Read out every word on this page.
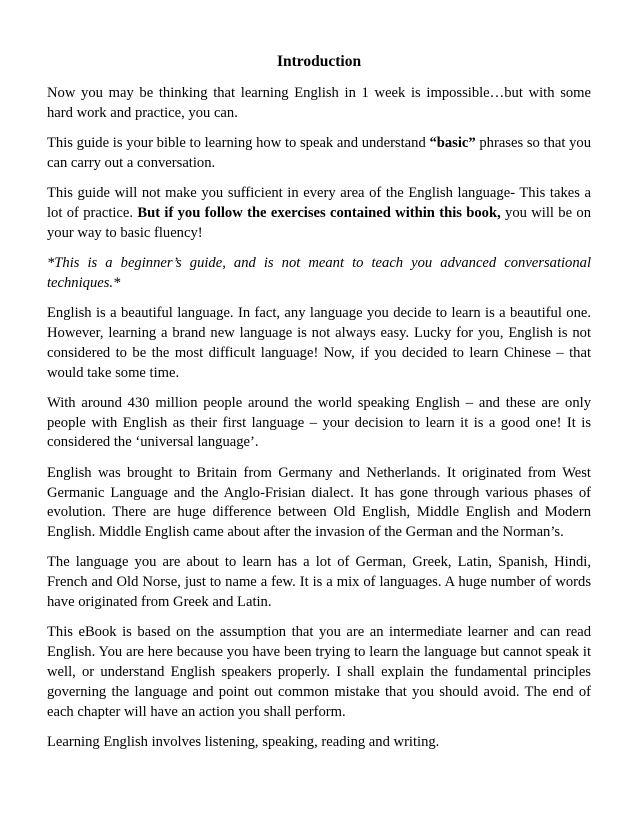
Introduction

Now you may be thinking that learning English in 1 week is impossible…but with some hard work and practice, you can.

This guide is your bible to learning how to speak and understand “basic” phrases so that you can carry out a conversation.

This guide will not make you sufficient in every area of the English language- This takes a lot of practice. But if you follow the exercises contained within this book, you will be on your way to basic fluency!

*This is a beginner’s guide, and is not meant to teach you advanced conversational techniques.*

English is a beautiful language. In fact, any language you decide to learn is a beautiful one. However, learning a brand new language is not always easy. Lucky for you, English is not considered to be the most difficult language! Now, if you decided to learn Chinese – that would take some time.

With around 430 million people around the world speaking English – and these are only people with English as their first language – your decision to learn it is a good one! It is considered the ‘universal language’.

English was brought to Britain from Germany and Netherlands. It originated from West Germanic Language and the Anglo-Frisian dialect. It has gone through various phases of evolution. There are huge difference between Old English, Middle English and Modern English. Middle English came about after the invasion of the German and the Norman’s.

The language you are about to learn has a lot of German, Greek, Latin, Spanish, Hindi, French and Old Norse, just to name a few. It is a mix of languages. A huge number of words have originated from Greek and Latin.

This eBook is based on the assumption that you are an intermediate learner and can read English. You are here because you have been trying to learn the language but cannot speak it well, or understand English speakers properly. I shall explain the fundamental principles governing the language and point out common mistake that you should avoid. The end of each chapter will have an action you shall perform.

Learning English involves listening, speaking, reading and writing.
